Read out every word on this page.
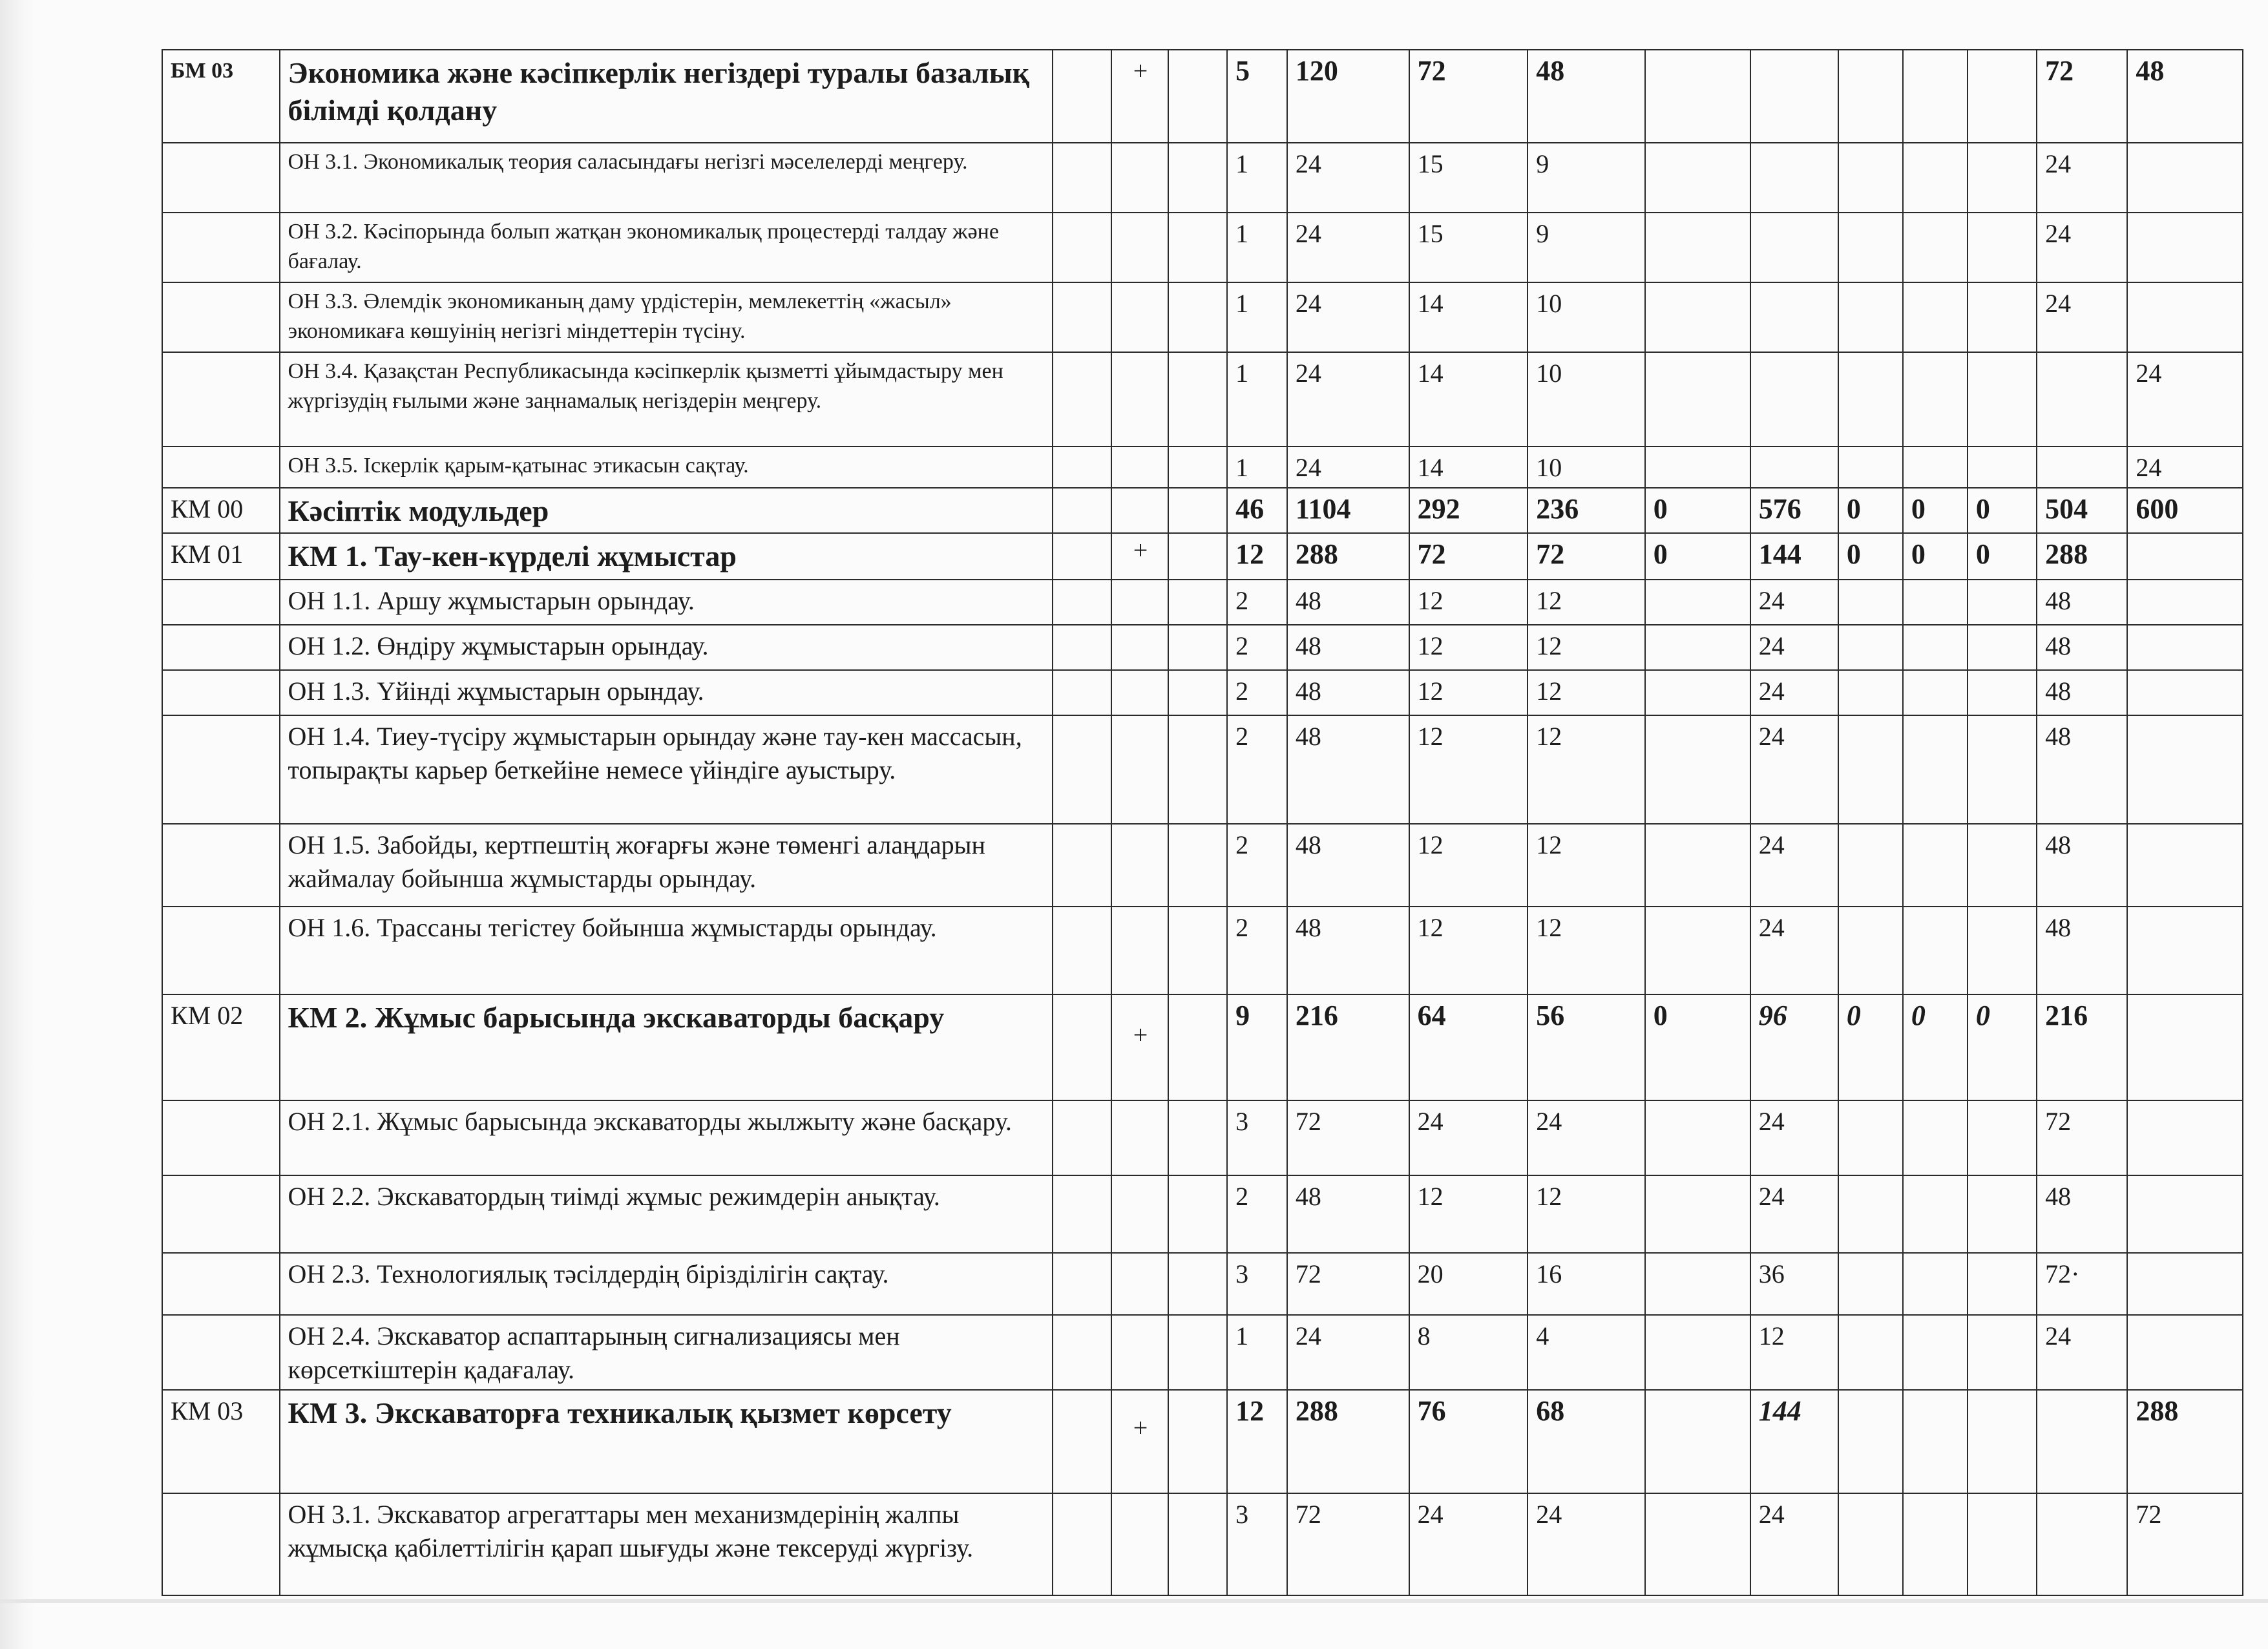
БМ 03	Экономика және кәсіпкерлік негіздері туралы базалық білімді қолдану		+		5	120	72	48						72	48
	ОН 3.1. Экономикалық теория саласындағы негізгі мәселелерді меңгеру.				1	24	15	9						24	
	ОН 3.2. Кәсіпорында болып жатқан экономикалық процестерді талдау және бағалау.				1	24	15	9						24	
	ОН 3.3. Әлемдік экономиканың даму үрдістерін, мемлекеттің «жасыл» экономикаға көшуінің негізгі міндеттерін түсіну.				1	24	14	10						24	
	ОН 3.4. Қазақстан Республикасында кәсіпкерлік қызметті ұйымдастыру мен жүргізудің ғылыми және заңнамалық негіздерін меңгеру.				1	24	14	10							24
	ОН 3.5. Іскерлік қарым-қатынас этикасын сақтау.				1	24	14	10							24
КМ 00	Кәсіптік модульдер				46	1104	292	236	0	576	0	0	0	504	600
КМ 01	КМ 1. Тау-кен-күрделі жұмыстар		+		12	288	72	72	0	144	0	0	0	288	
	ОН 1.1. Аршу жұмыстарын орындау.				2	48	12	12		24				48	
	ОН 1.2. Өндіру жұмыстарын орындау.				2	48	12	12		24				48	
	ОН 1.3. Үйінді жұмыстарын орындау.				2	48	12	12		24				48	
	ОН 1.4. Тиеу-түсіру жұмыстарын орындау және тау-кен массасын, топырақты карьер беткейіне немесе үйіндіге ауыстыру.				2	48	12	12		24				48	
	ОН 1.5. Забойды, кертпештің жоғарғы және төменгі алаңдарын жаймалау бойынша жұмыстарды орындау.				2	48	12	12		24				48	
	ОН 1.6. Трассаны тегістеу бойынша жұмыстарды орындау.				2	48	12	12		24				48	
КМ 02	КМ 2. Жұмыс барысында экскаваторды басқару		+		9	216	64	56	0	96	0	0	0	216	
	ОН 2.1. Жұмыс барысында экскаваторды жылжыту және басқару.				3	72	24	24		24				72	
	ОН 2.2. Экскаватордың тиімді жұмыс режимдерін анықтау.				2	48	12	12		24				48	
	ОН 2.3. Технологиялық тәсілдердің біріздiлігін сақтау.				3	72	20	16		36				72·	
	ОН 2.4. Экскаватор аспаптарының сигнализациясы мен көрсеткіштерін қадағалау.				1	24	8	4		12				24	
КМ 03	КМ 3. Экскаваторға техникалық қызмет көрсету		+		12	288	76	68		144					288
	ОН 3.1. Экскаватор агрегаттары мен механизмдерінің жалпы жұмысқа қабілеттілігін қарап шығуды және тексеруді жүргізу.				3	72	24	24		24					72
